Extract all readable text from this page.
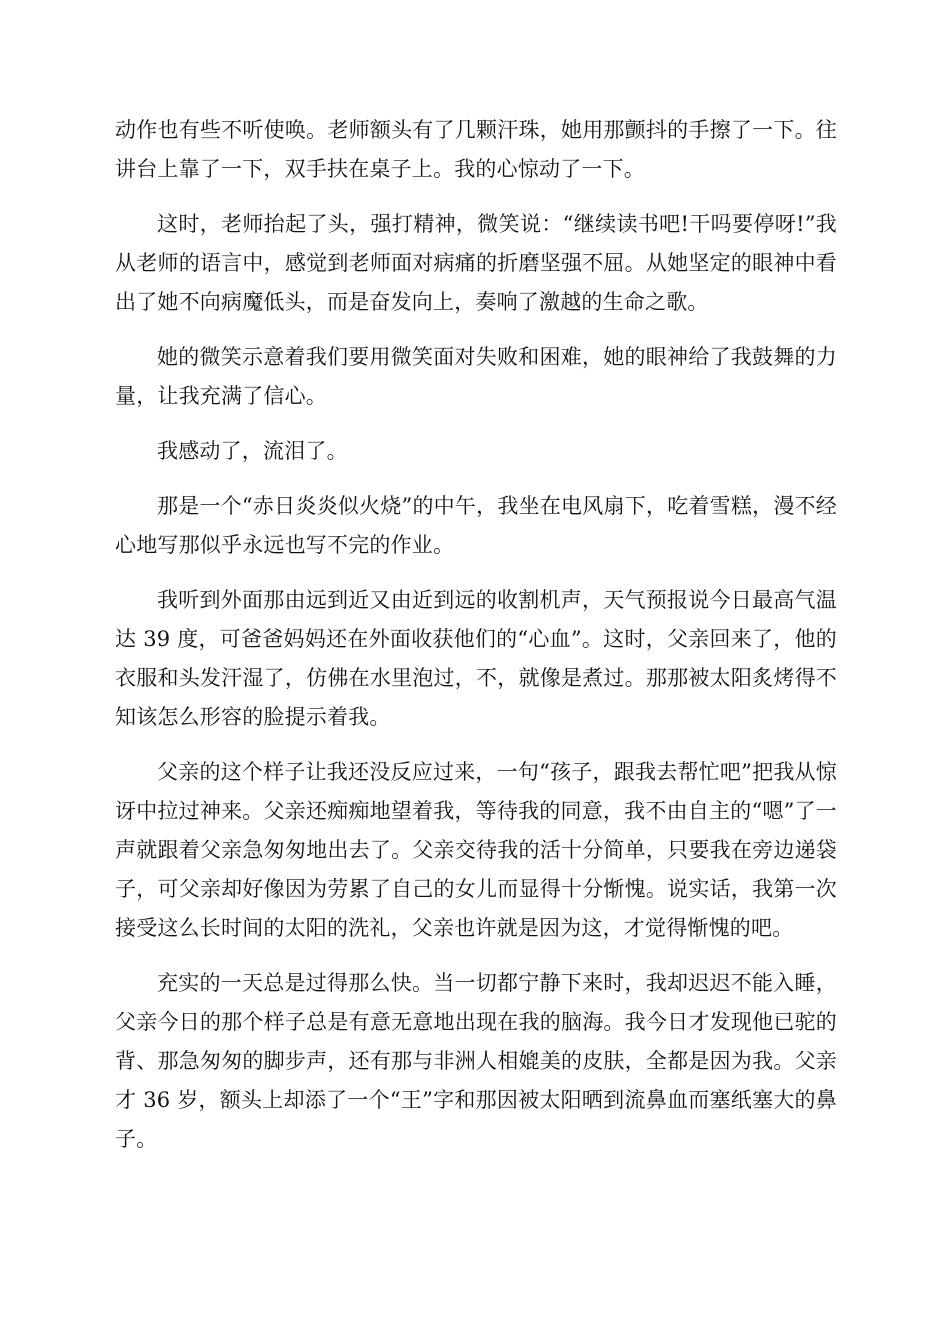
动作也有些不听使唤。老师额头有了几颗汗珠，她用那颤抖的手擦了一下。往讲台上靠了一下，双手扶在桌子上。我的心惊动了一下。

这时，老师抬起了头，强打精神，微笑说：“继续读书吧!干吗要停呀!”我从老师的语言中，感觉到老师面对病痛的折磨坚强不屈。从她坚定的眼神中看出了她不向病魔低头，而是奋发向上，奏响了激越的生命之歌。

她的微笑示意着我们要用微笑面对失败和困难，她的眼神给了我鼓舞的力量，让我充满了信心。

我感动了，流泪了。

那是一个“赤日炎炎似火烧”的中午，我坐在电风扇下，吃着雪糕，漫不经心地写那似乎永远也写不完的作业。

我听到外面那由远到近又由近到远的收割机声，天气预报说今日最高气温达 39 度，可爸爸妈妈还在外面收获他们的“心血”。这时，父亲回来了，他的衣服和头发汗湿了，仿佛在水里泡过，不，就像是煮过。那那被太阳炙烤得不知该怎么形容的脸提示着我。

父亲的这个样子让我还没反应过来，一句“孩子，跟我去帮忙吧”把我从惊讶中拉过神来。父亲还痴痴地望着我，等待我的同意，我不由自主的“嗯”了一声就跟着父亲急匆匆地出去了。父亲交待我的活十分简单，只要我在旁边递袋子，可父亲却好像因为劳累了自己的女儿而显得十分惭愧。说实话，我第一次接受这么长时间的太阳的洗礼，父亲也许就是因为这，才觉得惭愧的吧。

充实的一天总是过得那么快。当一切都宁静下来时，我却迟迟不能入睡，父亲今日的那个样子总是有意无意地出现在我的脑海。我今日才发现他已驼的背、那急匆匆的脚步声，还有那与非洲人相媲美的皮肤，全都是因为我。父亲才 36 岁，额头上却添了一个“王”字和那因被太阳晒到流鼻血而塞纸塞大的鼻子。
